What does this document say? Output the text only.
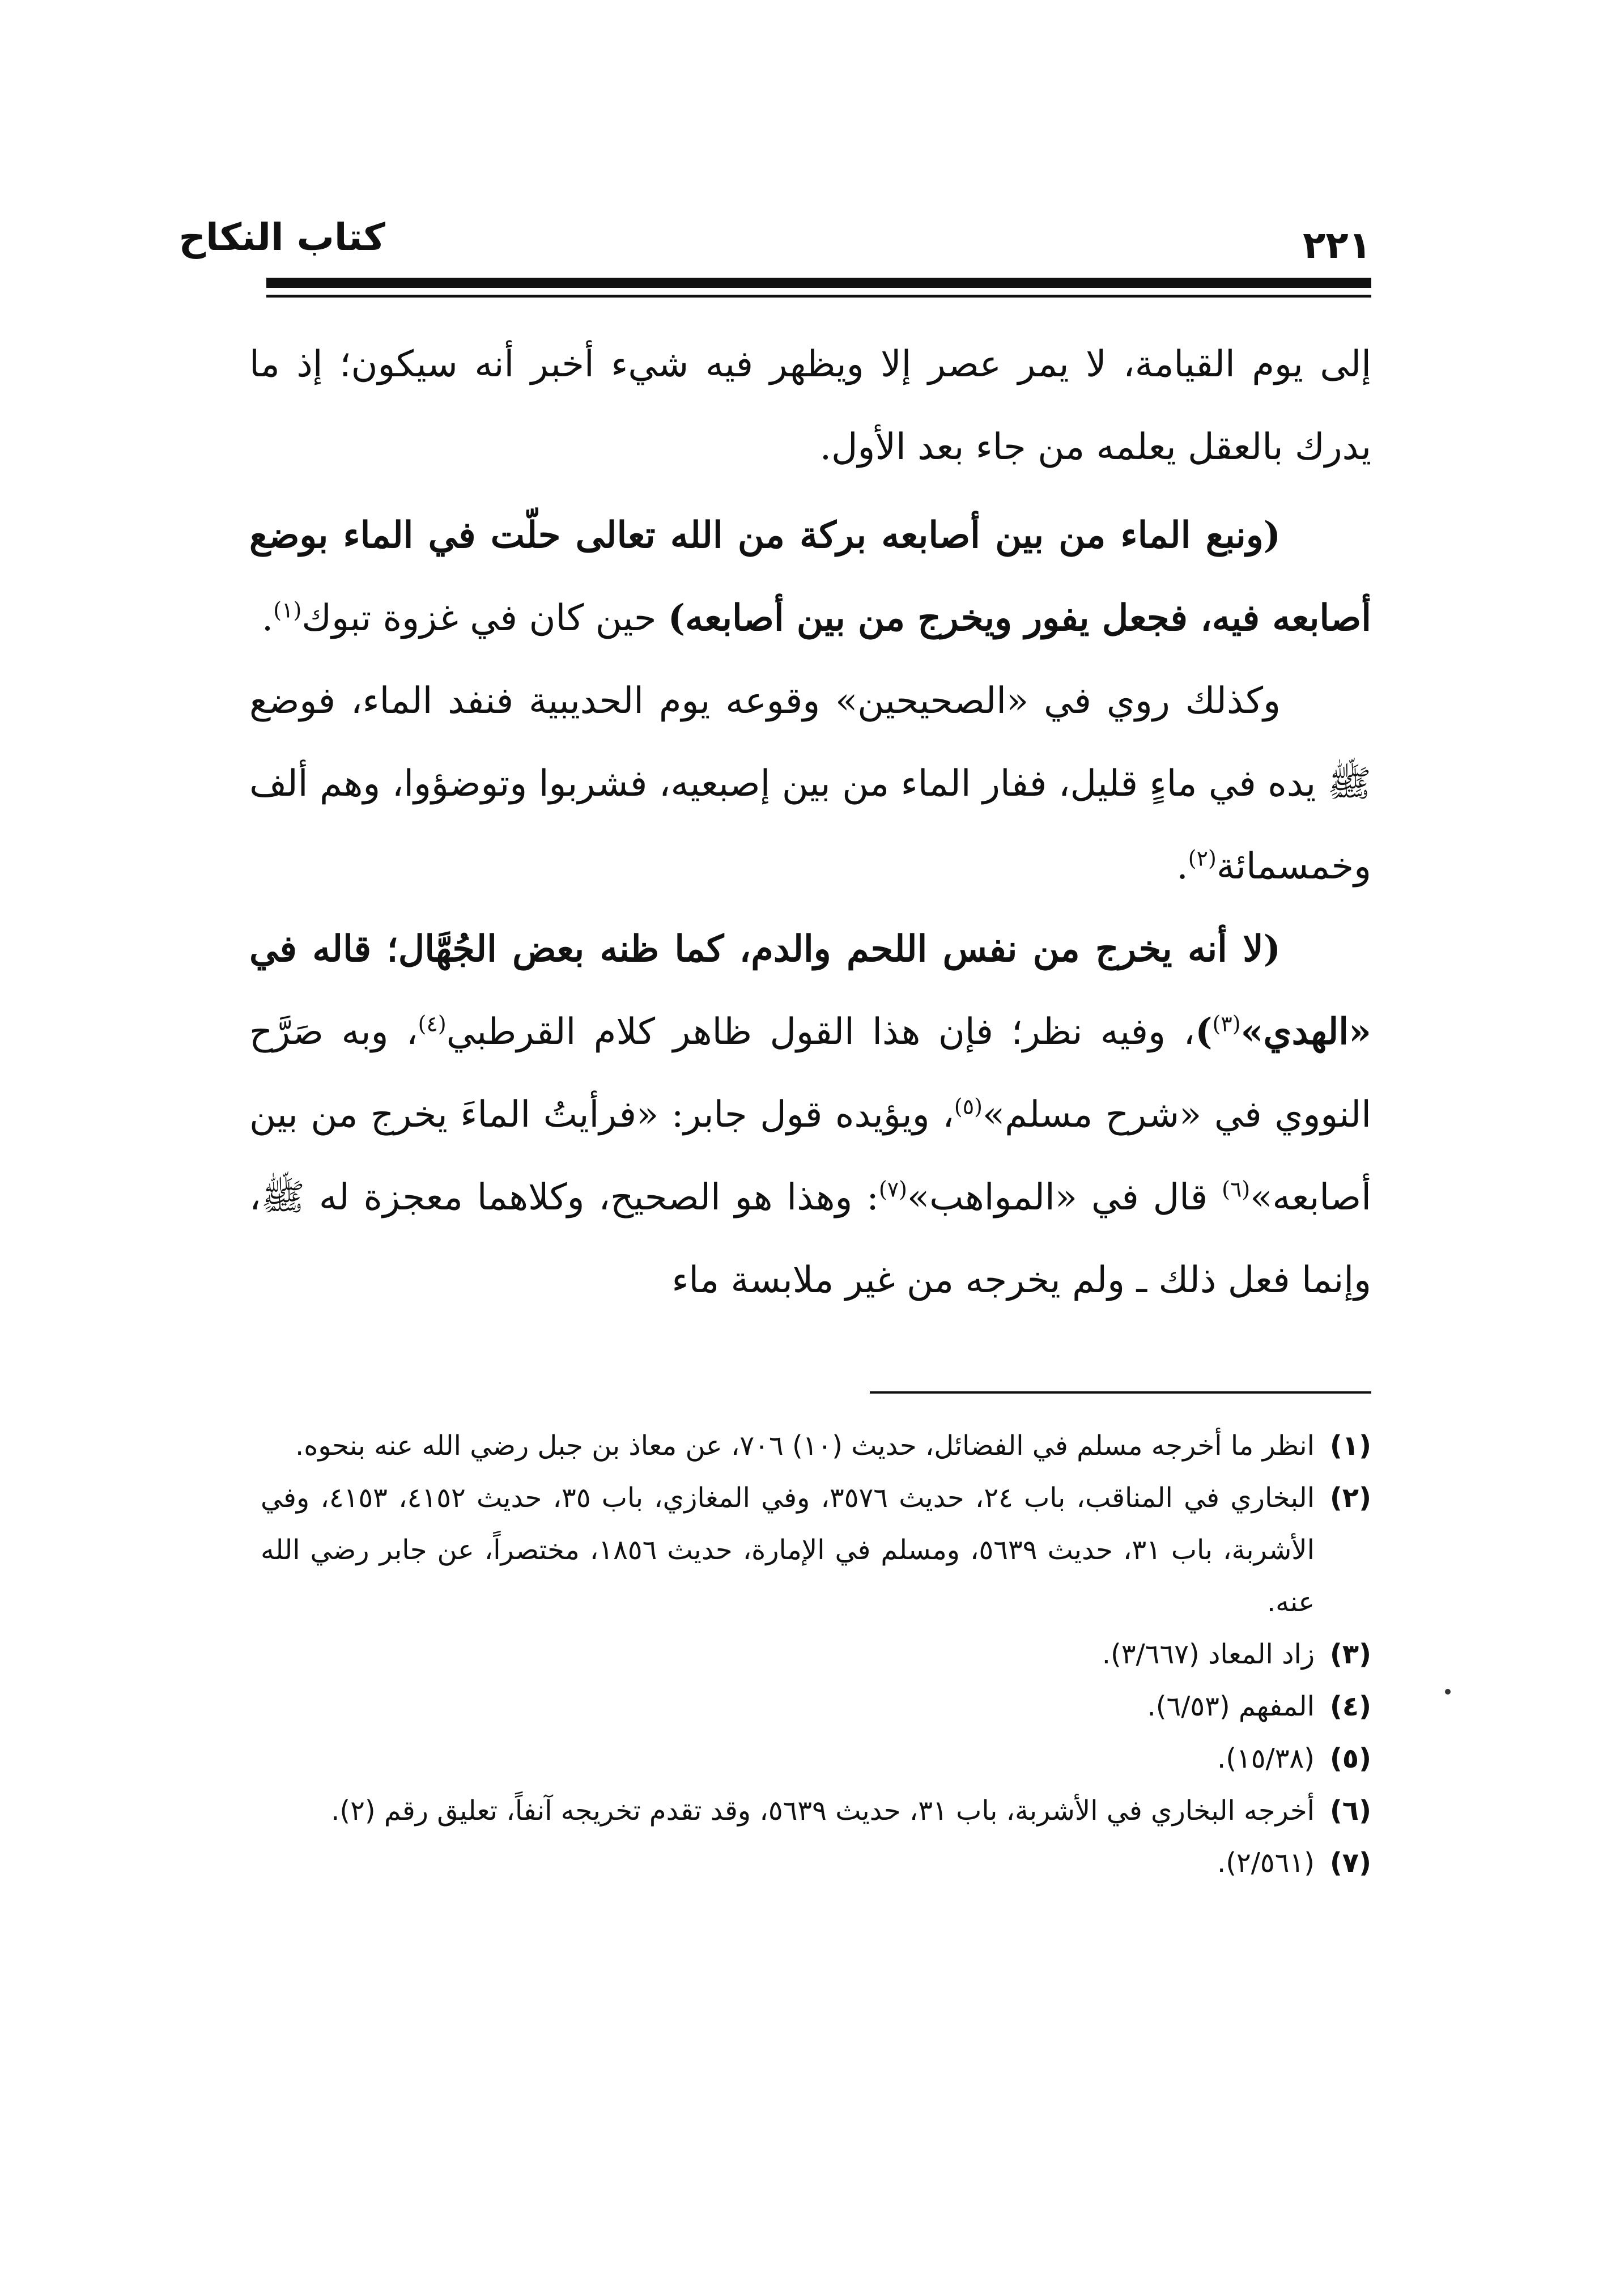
كتاب النكاح	٢٢١

إلى يوم القيامة، لا يمر عصر إلا ويظهر فيه شيء أخبر أنه سيكون؛ إذ ما يدرك بالعقل يعلمه من جاء بعد الأول.

(ونبع الماء من بين أصابعه بركة من الله تعالى حلّت في الماء بوضع أصابعه فيه، فجعل يفور ويخرج من بين أصابعه) حين كان في غزوة تبوك$^{(١)}$.

وكذلك روي في «الصحيحين» وقوعه يوم الحديبية فنفد الماء، فوضع ﷺ يده في ماءٍ قليل، ففار الماء من بين إصبعيه، فشربوا وتوضؤوا، وهم ألف وخمسمائة$^{(٢)}$.

(لا أنه يخرج من نفس اللحم والدم، كما ظنه بعض الجُهَّال؛ قاله في «الهدي»$^{(٣)}$)، وفيه نظر؛ فإن هذا القول ظاهر كلام القرطبي$^{(٤)}$، وبه صَرَّح النووي في «شرح مسلم»$^{(٥)}$، ويؤيده قول جابر: «فرأيتُ الماءَ يخرج من بين أصابعه»$^{(٦)}$ قال في «المواهب»$^{(٧)}$: وهذا هو الصحيح، وكلاهما معجزة له ﷺ، وإنما فعل ذلك ـ ولم يخرجه من غير ملابسة ماء

(١)
انظر ما أخرجه مسلم في الفضائل، حديث (١٠) ٧٠٦، عن معاذ بن جبل رضي الله عنه بنحوه.
(٢)
البخاري في المناقب، باب ٢٤، حديث ٣٥٧٦، وفي المغازي، باب ٣٥، حديث ٤١٥٢، ٤١٥٣، وفي الأشربة، باب ٣١، حديث ٥٦٣٩، ومسلم في الإمارة، حديث ١٨٥٦، مختصراً، عن جابر رضي الله عنه.
(٣)
زاد المعاد (٣/٦٦٧).
(٤)
المفهم (٦/٥٣).
(٥)
(١٥/٣٨).
(٦)
أخرجه البخاري في الأشربة، باب ٣١، حديث ٥٦٣٩، وقد تقدم تخريجه آنفاً، تعليق رقم (٢).
(٧)
(٢/٥٦١).
